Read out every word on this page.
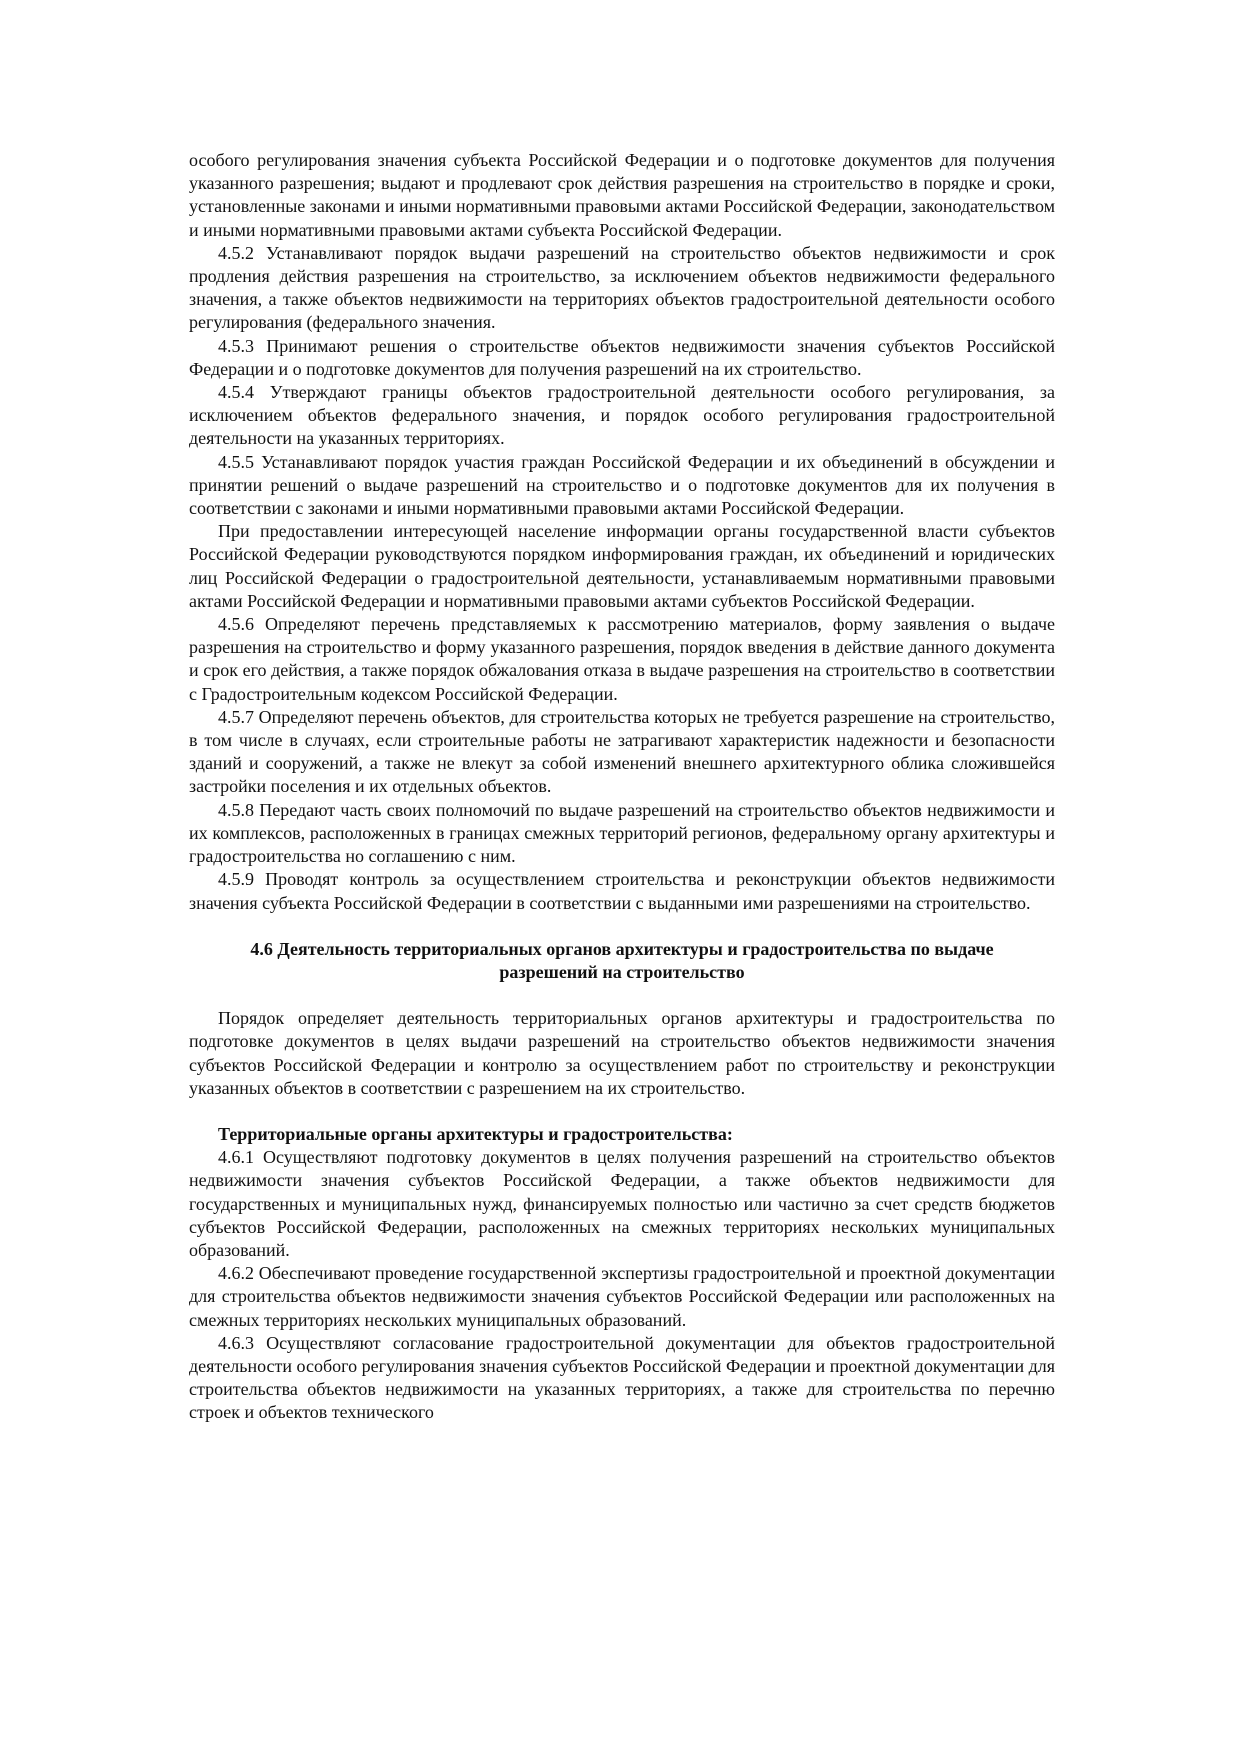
особого регулирования значения субъекта Российской Федерации и о подготовке документов для получения указанного разрешения; выдают и продлевают срок действия разрешения на строительство в порядке и сроки, установленные законами и иными нормативными правовыми актами Российской Федерации, законодательством и иными нормативными правовыми актами субъекта Российской Федерации.

4.5.2 Устанавливают порядок выдачи разрешений на строительство объектов недвижимости и срок продления действия разрешения на строительство, за исключением объектов недвижимости федерального значения, а также объектов недвижимости на территориях объектов градостроительной деятельности особого регулирования (федерального значения.

4.5.3 Принимают решения о строительстве объектов недвижимости значения субъектов Российской Федерации и о подготовке документов для получения разрешений на их строительство.

4.5.4 Утверждают границы объектов градостроительной деятельности особого регулирования, за исключением объектов федерального значения, и порядок особого регулирования градостроительной деятельности на указанных территориях.

4.5.5 Устанавливают порядок участия граждан Российской Федерации и их объединений в обсуждении и принятии решений о выдаче разрешений на строительство и о подготовке документов для их получения в соответствии с законами и иными нормативными правовыми актами Российской Федерации.

При предоставлении интересующей население информации органы государственной власти субъектов Российской Федерации руководствуются порядком информирования граждан, их объединений и юридических лиц Российской Федерации о градостроительной деятельности, устанавливаемым нормативными правовыми актами Российской Федерации и нормативными правовыми актами субъектов Российской Федерации.

4.5.6 Определяют перечень представляемых к рассмотрению материалов, форму заявления о выдаче разрешения на строительство и форму указанного разрешения, порядок введения в действие данного документа и срок его действия, а также порядок обжалования отказа в выдаче разрешения на строительство в соответствии с Градостроительным кодексом Российской Федерации.

4.5.7 Определяют перечень объектов, для строительства которых не требуется разрешение на строительство, в том числе в случаях, если строительные работы не затрагивают характеристик надежности и безопасности зданий и сооружений, а также не влекут за собой изменений внешнего архитектурного облика сложившейся застройки поселения и их отдельных объектов.

4.5.8 Передают часть своих полномочий по выдаче разрешений на строительство объектов недвижимости и их комплексов, расположенных в границах смежных территорий регионов, федеральному органу архитектуры и градостроительства но соглашению с ним.

4.5.9 Проводят контроль за осуществлением строительства и реконструкции объектов недвижимости значения субъекта Российской Федерации в соответствии с выданными ими разрешениями на строительство.

4.6 Деятельность территориальных органов архитектуры и градостроительства по выдаче разрешений на строительство

Порядок определяет деятельность территориальных органов архитектуры и градостроительства по подготовке документов в целях выдачи разрешений на строительство объектов недвижимости значения субъектов Российской Федерации и контролю за осуществлением работ по строительству и реконструкции указанных объектов в соответствии с разрешением на их строительство.

Территориальные органы архитектуры и градостроительства:

4.6.1 Осуществляют подготовку документов в целях получения разрешений на строительство объектов недвижимости значения субъектов Российской Федерации, а также объектов недвижимости для государственных и муниципальных нужд, финансируемых полностью или частично за счет средств бюджетов субъектов Российской Федерации, расположенных на смежных территориях нескольких муниципальных образований.

4.6.2 Обеспечивают проведение государственной экспертизы градостроительной и проектной документации для строительства объектов недвижимости значения субъектов Российской Федерации или расположенных на смежных территориях нескольких муниципальных образований.

4.6.3 Осуществляют согласование градостроительной документации для объектов градостроительной деятельности особого регулирования значения субъектов Российской Федерации и проектной документации для строительства объектов недвижимости на указанных территориях, а также для строительства по перечню строек и объектов технического
